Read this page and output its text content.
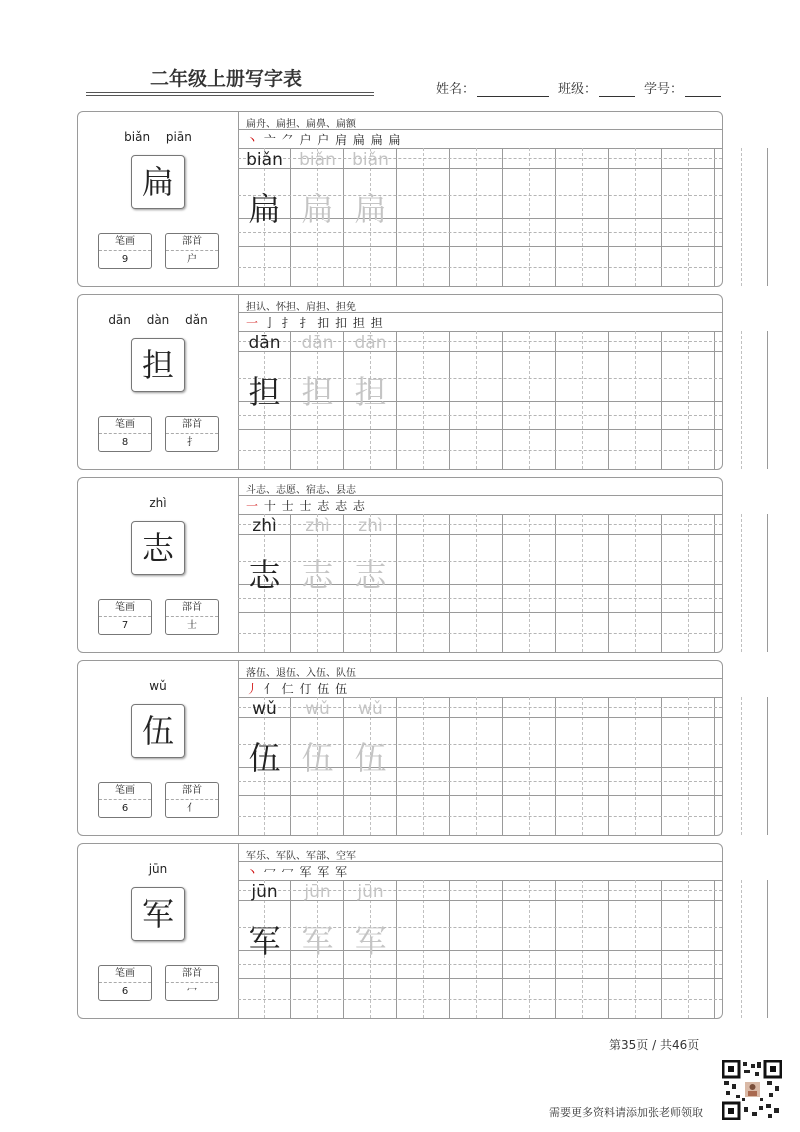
二年级上册写字表	姓名：	班级：	学号：
biǎn piān
扁
笔画
9
部首
户
扁舟、扁担、扁鼻、扁额
丶 亠 ⺈ 户 户 肩 扁 扁 扁
biǎn
扁
biǎn
扁
biǎn
扁
dān dàn dǎn
担
笔画
8
部首
扌
担认、怀担、肩担、担免
一 亅 扌 扌 扣 扣 担 担
dān
担
dān
担
dān
担
zhì
志
笔画
7
部首
士
斗志、志愿、宿志、县志
一 十 士 士 志 志 志
zhì
志
zhì
志
zhì
志
wǔ
伍
笔画
6
部首
亻
落伍、退伍、入伍、队伍
丿 亻 仁 仃 伍 伍
wǔ
伍
wǔ
伍
wǔ
伍
jūn
军
笔画
6
部首
冖
军乐、军队、军部、空军
丶 冖 冖 军 军 军
jūn
军
jūn
军
jūn
军
第35页 / 共46页
需要更多资料请添加张老师领取
